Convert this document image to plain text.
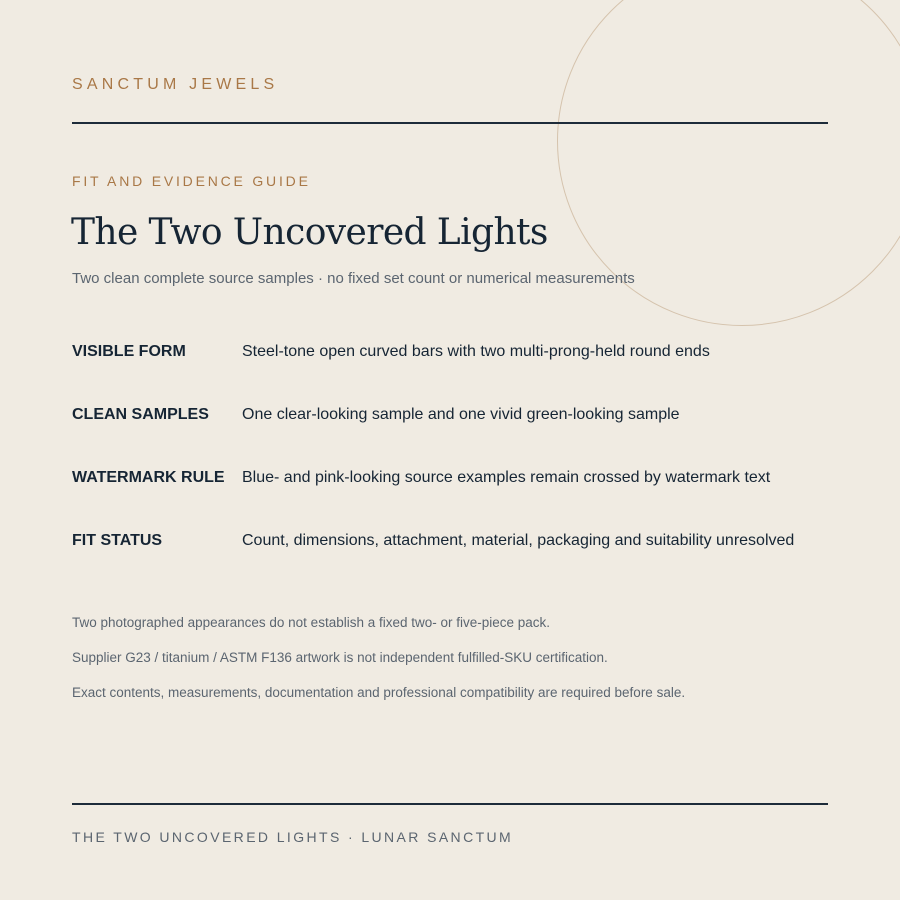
SANCTUM JEWELS
FIT AND EVIDENCE GUIDE
The Two Uncovered Lights
Two clean complete source samples · no fixed set count or numerical measurements
VISIBLE FORM	Steel-tone open curved bars with two multi-prong-held round ends
CLEAN SAMPLES One clear-looking sample and one vivid green-looking sample
WATERMARK RULE Blue- and pink-looking source examples remain crossed by watermark text
FIT STATUS	Count, dimensions, attachment, material, packaging and suitability unresolved
Two photographed appearances do not establish a fixed two- or five-piece pack.
Supplier G23 / titanium / ASTM F136 artwork is not independent fulfilled-SKU certification.
Exact contents, measurements, documentation and professional compatibility are required before sale.
THE TWO UNCOVERED LIGHTS · LUNAR SANCTUM
